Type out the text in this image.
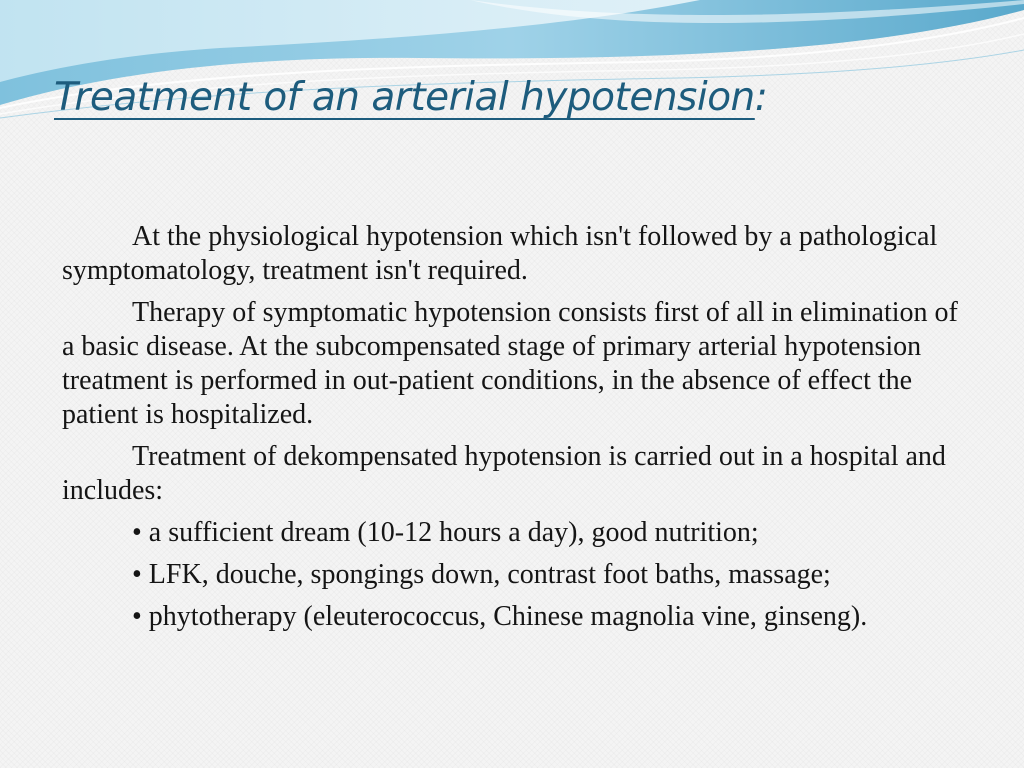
Treatment of an arterial hypotension:

At the physiological hypotension which isn't followed by a pathological symptomatology, treatment isn't required.

Therapy of symptomatic hypotension consists first of all in elimination of a basic disease. At the subcompensated stage of primary arterial hypotension treatment is performed in out-patient conditions, in the absence of effect the patient is hospitalized.

Treatment of dekompensated hypotension is carried out in a hospital and includes:

• a sufficient dream (10-12 hours a day), good nutrition;

• LFK, douche, spongings down, contrast foot baths, massage;

• phytotherapy (eleuterococcus, Chinese magnolia vine, ginseng).
